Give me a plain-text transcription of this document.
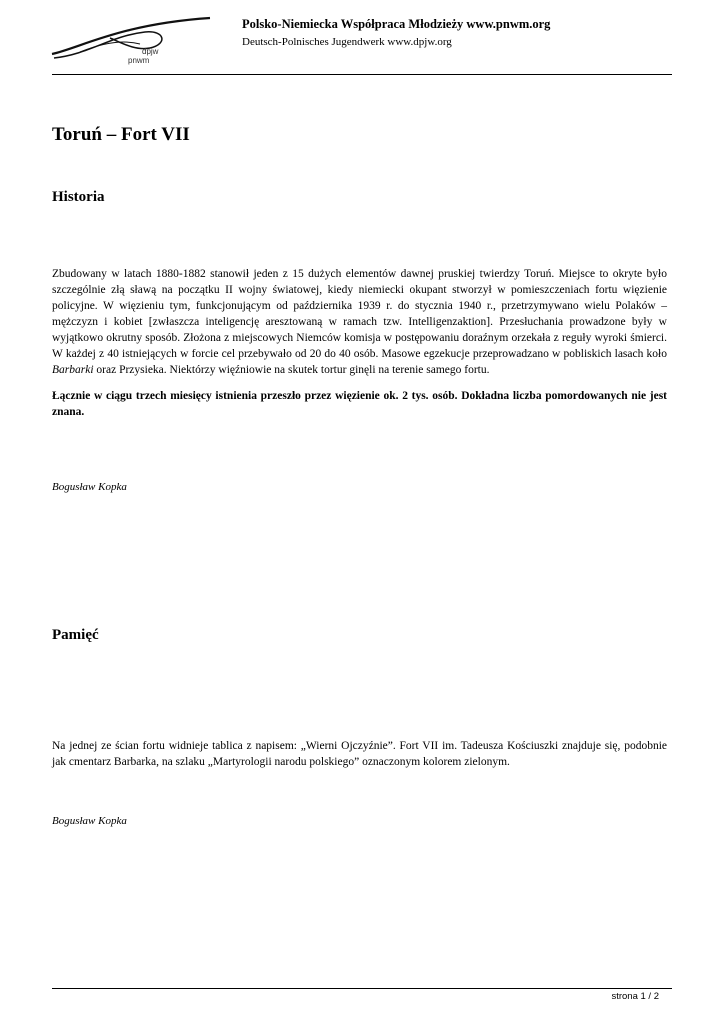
dpjw
pnwm
Polsko-Niemiecka Współpraca Młodzieży www.pnwm.org
Deutsch-Polnisches Jugendwerk www.dpjw.org
Toruń – Fort VII
Historia

Zbudowany w latach 1880-1882 stanowił jeden z 15 dużych elementów dawnej pruskiej twierdzy Toruń. Miejsce to okryte było szczególnie złą sławą na początku II wojny światowej, kiedy niemiecki okupant stworzył w pomieszczeniach fortu więzienie policyjne. W więzieniu tym, funkcjonującym od października 1939 r. do stycznia 1940 r., przetrzymywano wielu Polaków – mężczyzn i kobiet [zwłaszcza inteligencję aresztowaną w ramach tzw. Intelligenzaktion]. Przesłuchania prowadzone były w wyjątkowo okrutny sposób. Złożona z miejscowych Niemców komisja w postępowaniu doraźnym orzekała z reguły wyroki śmierci. W każdej z 40 istniejących w forcie cel przebywało od 20 do 40 osób. Masowe egzekucje przeprowadzano w pobliskich lasach koło Barbarki oraz Przysieka. Niektórzy więźniowie na skutek tortur ginęli na terenie samego fortu.

Łącznie w ciągu trzech miesięcy istnienia przeszło przez więzienie ok. 2 tys. osób. Dokładna liczba pomordowanych nie jest znana.

Bogusław Kopka

Pamięć

Na jednej ze ścian fortu widnieje tablica z napisem: „Wierni Ojczyźnie”. Fort VII im. Tadeusza Kościuszki znajduje się, podobnie jak cmentarz Barbarka, na szlaku „Martyrologii narodu polskiego” oznaczonym kolorem zielonym.

Bogusław Kopka

strona 1 / 2
